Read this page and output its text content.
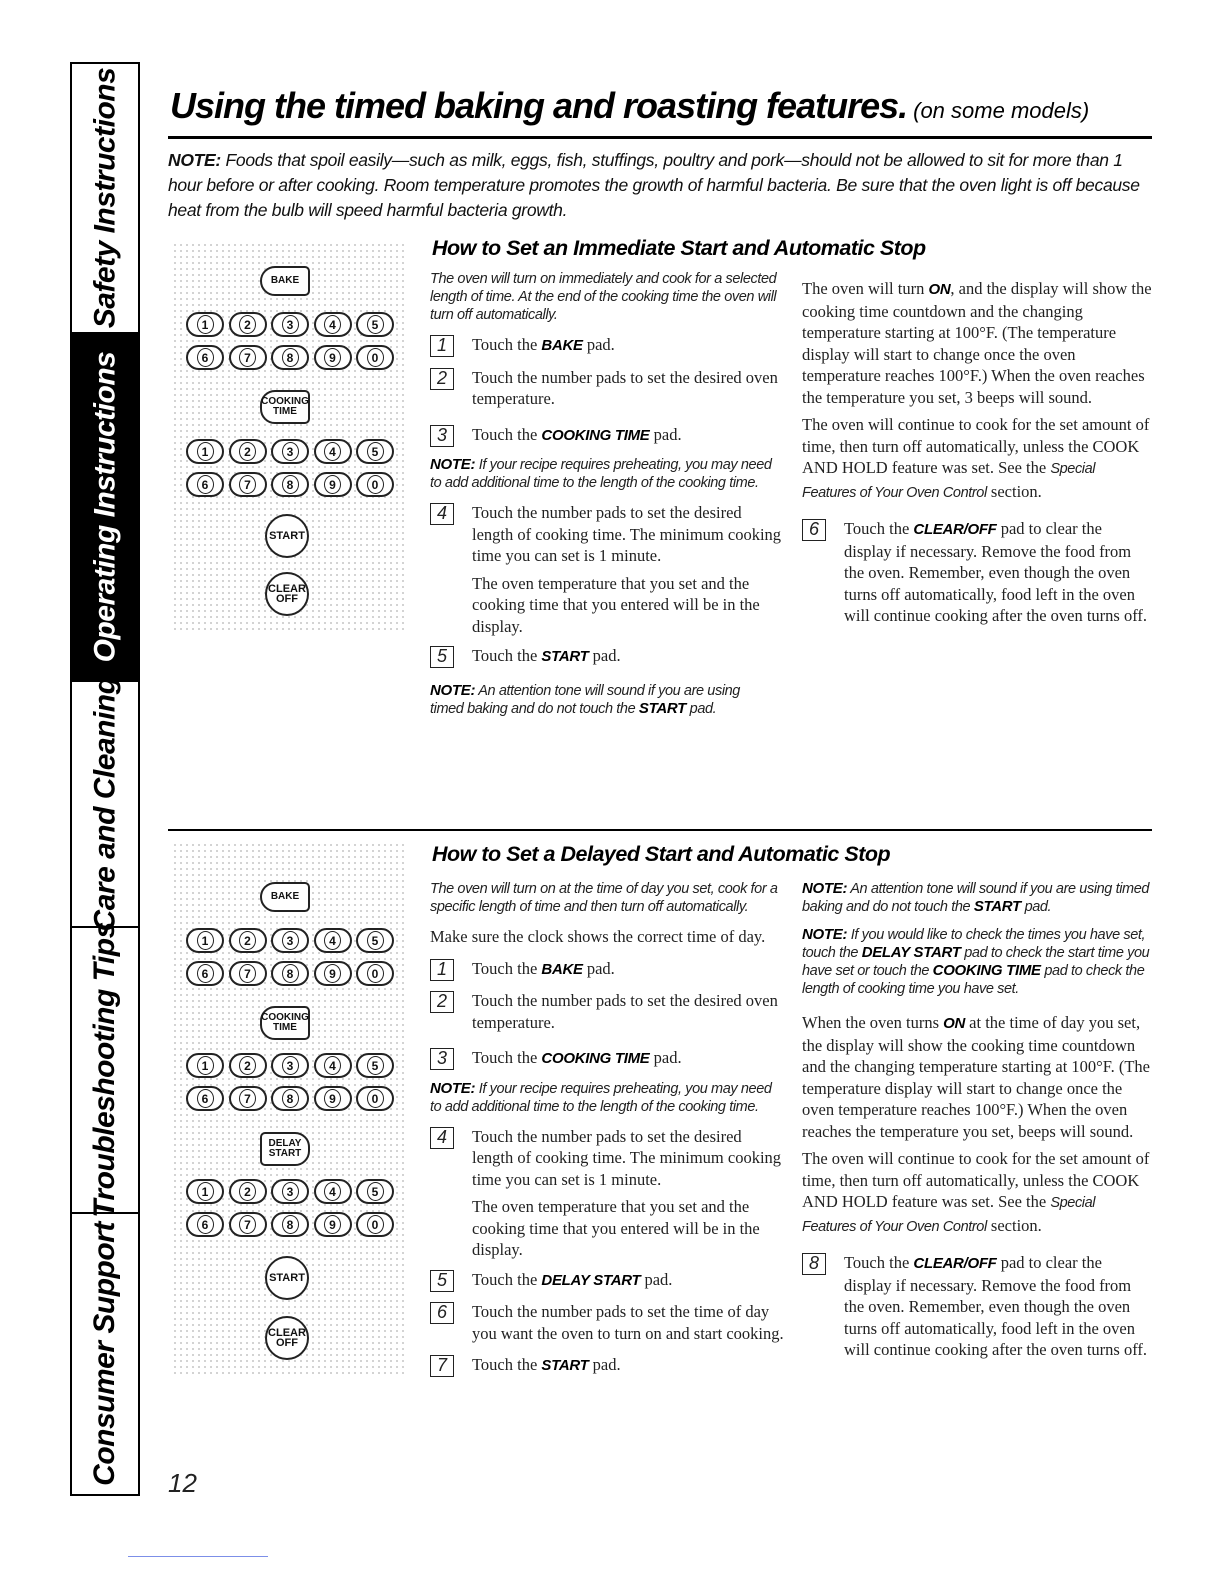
Safety Instructions
Operating Instructions
Care and Cleaning
Troubleshooting Tips
Consumer Support
Using the timed baking and roasting features. (on some models)

NOTE: Foods that spoil easily—such as milk, eggs, fish, stuffings, poultry and pork—should not be allowed to sit for more than 1 hour before or after cooking. Room temperature promotes the growth of harmful bacteria. Be sure that the oven light is off because heat from the bulb will speed harmful bacteria growth.

BAKE
1	2	3	4	5
6	7	8	9	0
COOKING
TIME
1	2	3	4	5
6	7	8	9	0
START
CLEAR
OFF
How to Set an Immediate Start and Automatic Stop

The oven will turn on immediately and cook for a selected length of time. At the end of the cooking time the oven will turn off automatically.

1	Touch the BAKE pad.
2	Touch the number pads to set the desired oven temperature.
3	Touch the COOKING TIME pad.

NOTE: If your recipe requires preheating, you may need to add additional time to the length of the cooking time.

4	Touch the number pads to set the desired length of cooking time. The minimum cooking time you can set is 1 minute.

The oven temperature that you set and the cooking time that you entered will be in the display.

5	Touch the START pad.

NOTE: An attention tone will sound if you are using timed baking and do not touch the START pad.

The oven will turn ON, and the display will show the cooking time countdown and the changing temperature starting at 100°F. (The temperature display will start to change once the oven temperature reaches 100°F.) When the oven reaches the temperature you set, 3 beeps will sound.

The oven will continue to cook for the set amount of time, then turn off automatically, unless the COOK AND HOLD feature was set. See the Special Features of Your Oven Control section.

6	Touch the CLEAR/OFF pad to clear the display if necessary. Remove the food from the oven. Remember, even though the oven turns off automatically, food left in the oven will continue cooking after the oven turns off.
BAKE
1	2	3	4	5
6	7	8	9	0
COOKING
TIME
1	2	3	4	5
6	7	8	9	0
DELAY
START
1	2	3	4	5
6	7	8	9	0
START
CLEAR
OFF
How to Set a Delayed Start and Automatic Stop

The oven will turn on at the time of day you set, cook for a specific length of time and then turn off automatically.

Make sure the clock shows the correct time of day.

1	Touch the BAKE pad.
2	Touch the number pads to set the desired oven temperature.
3	Touch the COOKING TIME pad.

NOTE: If your recipe requires preheating, you may need to add additional time to the length of the cooking time.

4	Touch the number pads to set the desired length of cooking time. The minimum cooking time you can set is 1 minute.

The oven temperature that you set and the cooking time that you entered will be in the display.

5	Touch the DELAY START pad.
6	Touch the number pads to set the time of day you want the oven to turn on and start cooking.
7	Touch the START pad.

NOTE: An attention tone will sound if you are using timed baking and do not touch the START pad.

NOTE: If you would like to check the times you have set, touch the DELAY START pad to check the start time you have set or touch the COOKING TIME pad to check the length of cooking time you have set.

When the oven turns ON at the time of day you set, the display will show the cooking time countdown and the changing temperature starting at 100°F. (The temperature display will start to change once the oven temperature reaches 100°F.) When the oven reaches the temperature you set, beeps will sound.

The oven will continue to cook for the set amount of time, then turn off automatically, unless the COOK AND HOLD feature was set. See the Special Features of Your Oven Control section.

8	Touch the CLEAR/OFF pad to clear the display if necessary. Remove the food from the oven. Remember, even though the oven turns off automatically, food left in the oven will continue cooking after the oven turns off.
12
